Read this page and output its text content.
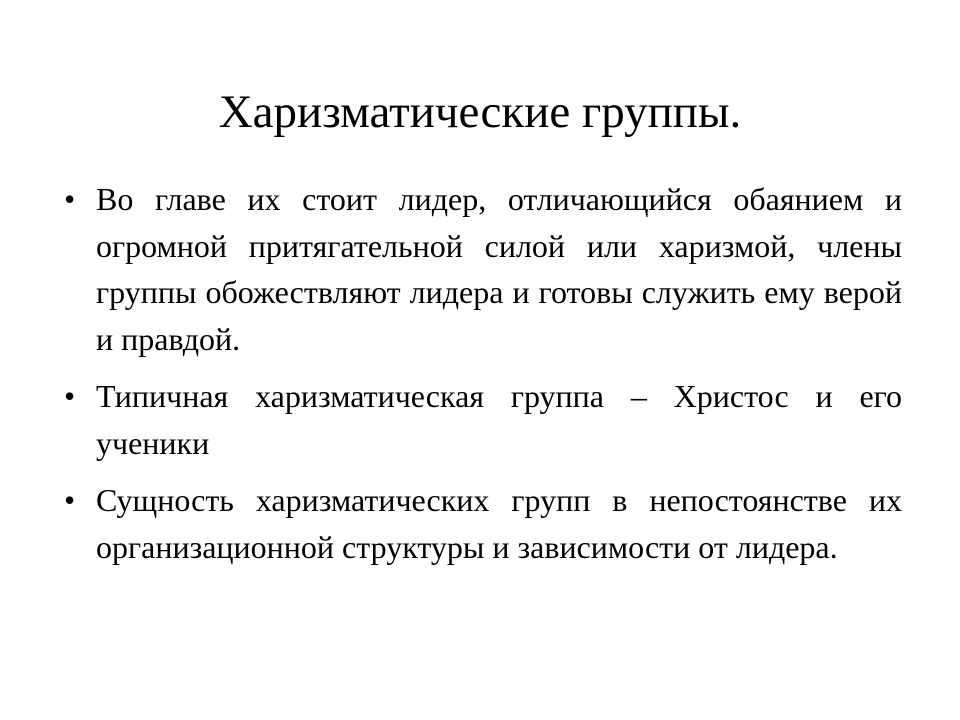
Харизматические группы.
• Во главе их стоит лидер, отличающийся обаянием и огромной притягательной силой или харизмой, члены группы обожествляют лидера и готовы служить ему верой и правдой.
• Типичная харизматическая группа – Христос и его ученики
• Сущность харизматических групп в непостоянстве их организационной структуры и зависимости от лидера.
